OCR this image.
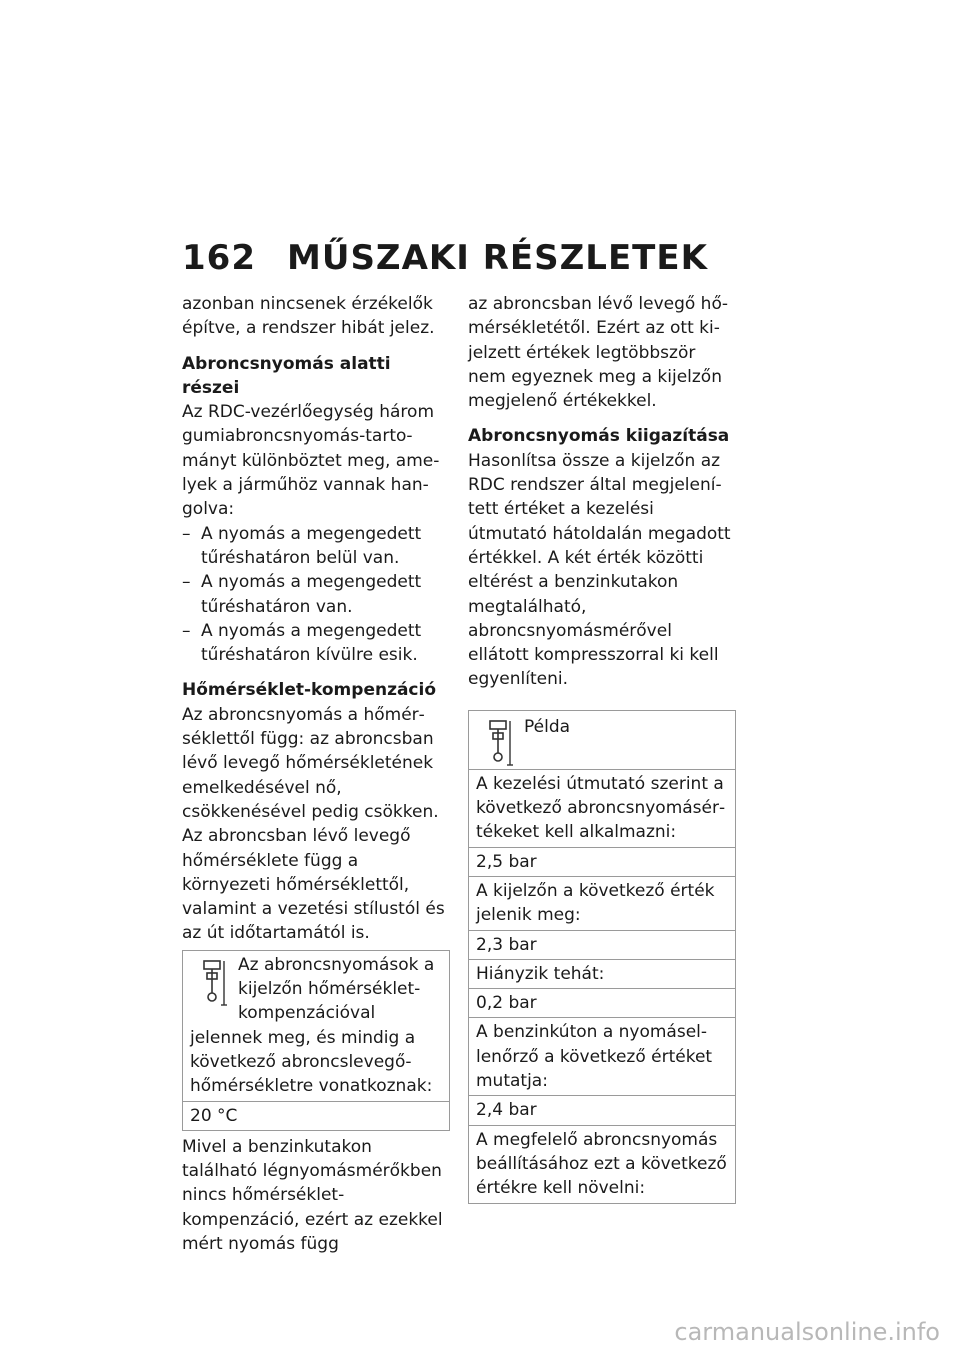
162 MŰSZAKI RÉSZLETEK

azonban nincsenek érzékelők építve, a rendszer hibát jelez.

Abroncsnyomás alatti részei
Az RDC-vezérlőegység három gumiabroncsnyomás-tartományt különböztet meg, amelyek a járműhöz vannak hangolva:
– A nyomás a megengedett tűréshatáron belül van.
– A nyomás a megengedett tűréshatáron van.
– A nyomás a megengedett tűréshatáron kívülre esik.
Hőmérséklet-kompenzáció
Az abroncsnyomás a hőmérséklettől függ: az abroncsban lévő levegő hőmérsékletének emelkedésével nő, csökkenésével pedig csökken. Az abroncsban lévő levegő hőmérséklete függ a környezeti hőmérséklettől, valamint a vezetési stílustól és az út időtartamától is.
Az abroncsnyomások a kijelzőn hőmérséklet-kompenzációval jelennek meg, és mindig a következő abroncslevegő-hőmérsékletre vonatkoznak:
20 °C
Mivel a benzinkutakon található légnyomásmérőkben nincs hőmérséklet-kompenzáció, ezért az ezekkel mért nyomás függ

az abroncsban lévő levegő hőmérsékletétől. Ezért az ott kijelzett értékek legtöbbször nem egyeznek meg a kijelzőn megjelenő értékekkel.

Abroncsnyomás kiigazítása

Hasonlítsa össze a kijelzőn az RDC rendszer által megjelenített értéket a kezelési útmutató hátoldalán megadott értékkel. A két érték közötti eltérést a benzinkutakon megtalálható, abroncsnyomásmérővel ellátott kompresszorral ki kell egyenlíteni.

Példa
A kezelési útmutató szerint a következő abroncsnyomásértékeket kell alkalmazni:
2,5 bar
A kijelzőn a következő érték jelenik meg:
2,3 bar
Hiányzik tehát:
0,2 bar
A benzinkúton a nyomásellenőrző a következő értéket mutatja:
2,4 bar
A megfelelő abroncsnyomás beállításához ezt a következő értékre kell növelni:
carmanualsonline.info
